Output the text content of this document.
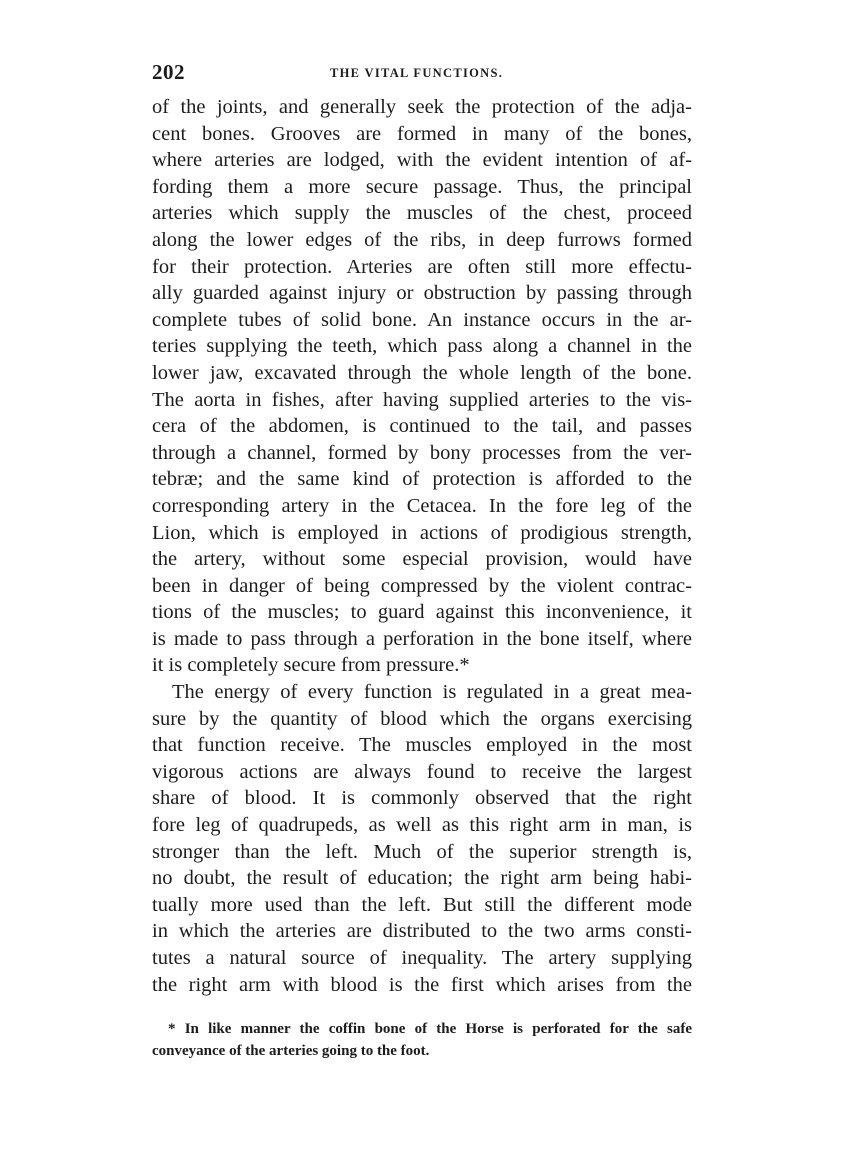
202	THE VITAL FUNCTIONS.
of the joints, and generally seek the protection of the adja-
cent bones. Grooves are formed in many of the bones,
where arteries are lodged, with the evident intention of af-
fording them a more secure passage. Thus, the principal
arteries which supply the muscles of the chest, proceed
along the lower edges of the ribs, in deep furrows formed
for their protection. Arteries are often still more effectu-
ally guarded against injury or obstruction by passing through
complete tubes of solid bone. An instance occurs in the ar-
teries supplying the teeth, which pass along a channel in the
lower jaw, excavated through the whole length of the bone.
The aorta in fishes, after having supplied arteries to the vis-
cera of the abdomen, is continued to the tail, and passes
through a channel, formed by bony processes from the ver-
tebræ; and the same kind of protection is afforded to the
corresponding artery in the Cetacea. In the fore leg of the
Lion, which is employed in actions of prodigious strength,
the artery, without some especial provision, would have
been in danger of being compressed by the violent contrac-
tions of the muscles; to guard against this inconvenience, it
is made to pass through a perforation in the bone itself, where
it is completely secure from pressure.*
The energy of every function is regulated in a great mea-
sure by the quantity of blood which the organs exercising
that function receive. The muscles employed in the most
vigorous actions are always found to receive the largest
share of blood. It is commonly observed that the right
fore leg of quadrupeds, as well as this right arm in man, is
stronger than the left. Much of the superior strength is,
no doubt, the result of education; the right arm being habi-
tually more used than the left. But still the different mode
in which the arteries are distributed to the two arms consti-
tutes a natural source of inequality. The artery supplying
the right arm with blood is the first which arises from the
* In like manner the coffin bone of the Horse is perforated for the safe
conveyance of the arteries going to the foot.
